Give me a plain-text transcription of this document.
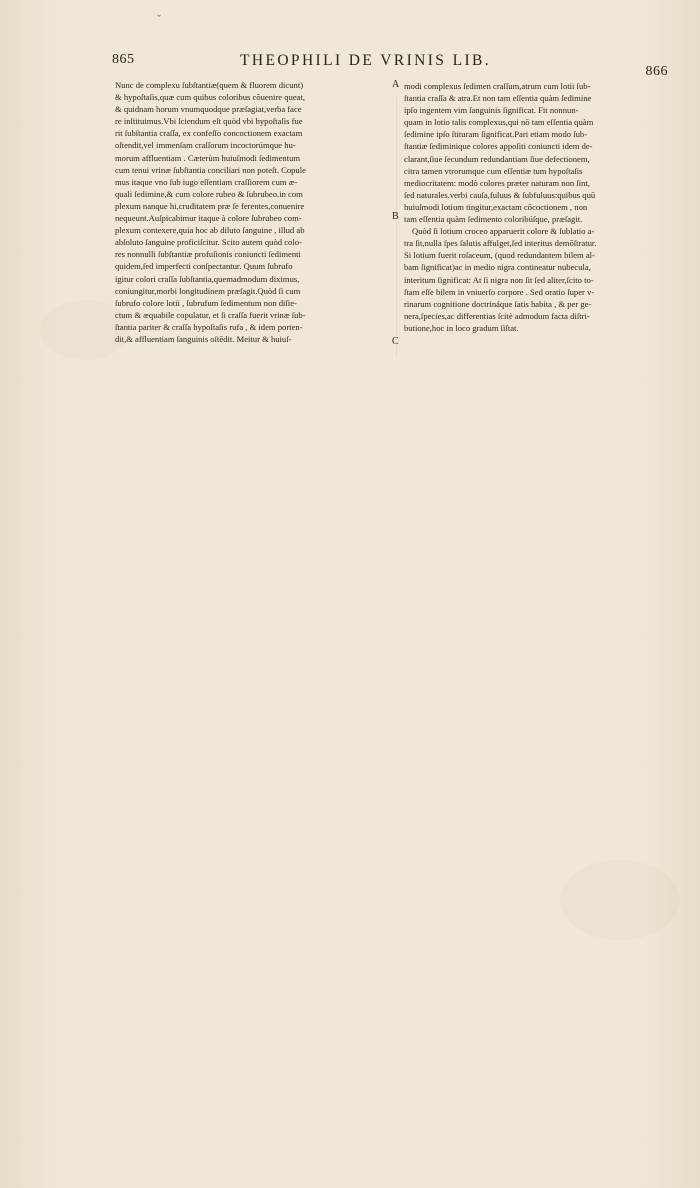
ˇ
865	THEOPHILI DE VRINIS LIB.
866
Nunc de complexu ſubſtantiæ(quem & fluorem dicunt)
& hypoſtaſis,quæ cum quibus coloribus cõuenire queat,
& quidnam horum vnumquodque præſagiat,verba face
re inſtituimus.Vbi ſciendum eſt quòd vbi hypoſtaſis fue
rit ſubſtantia craſſa, ex confeſſo concoctionem exactam
oſtendit,vel immenſam craſſorum incoctorúmque hu-
morum affluentiam . Cæterùm huiuſmodi ſedimentum
cum tenui vrinæ ſubſtantia conciliari non poteſt. Copule
mus itaque vno ſub iugo eſſentiam craſſiorem cum æ-
quali ſedimine,& cum colore rubeo & ſubrubeo.in com
plexum nanque hi,cruditatem præ ſe ferentes,conuenire
nequeunt.Auſpicabimur itaque à colore ſubrubeo com-
plexum contexere,quia hoc ab diluto ſanguine , illud ab
abſoluto ſanguine proficiſcitur. Scito autem quòd colo-
res nonnulli ſubſtantiæ profuſionis coniuncti ſedimenti
quidem,ſed imperfecti conſpectantur. Quum ſubrufo
igitur colori craſſa ſubſtantia,quemadmodum diximus,
coniungitur,morbi longitudinem præſagit.Quòd ſi cum
ſubrufo colore lotii , ſubrufum ſedimentum non diſie-
ctum & æquabile copulatur, et ſi craſſa fuerit vrinæ ſub-
ſtantia pariter & craſſa hypoſtaſis rufa , & idem porten-
dit,& affluentiam ſanguinis oſtēdit. Meitur & huiuſ-
A
B
C
modi complexus ſedimen craſſum,atrum cum lotii ſub-
ſtantia craſſa & atra.Et non tam eſſentia quàm ſedimine
ipſo ingentem vim ſanguinis ſignificat. Fit nonnun-
quam in lotio talis complexus,qui nō tam eſſentia quàm
ſedimine ipſo ſtituram ſignificat.Pari etiam modo ſub-
ſtantiæ ſediminique colores appoſiti coniuncti idem de-
clarant,ſiue ſecundum redundantiam ſiue defectionem,
citra tamen vtrorumque cum eſſentiæ tum hypoſtaſis
mediocritatem: modò colores præter naturam non ſint,
ſed naturales.verbi cauſa,fuluus & ſubfuluus:quibus quū
huiuſmodi lotium tingitur,exactam cōcoctionem , non
tam eſſentia quàm ſedimento coloribúſque, præſagit.
Quòd ſi lotium croceo apparuerit colore & ſublatio a-
tra ſit,nulla ſpes ſalutis affulget,ſed interitus demōſtratur.
Si lotium fuerit roſaceum, (quod redundantem bilem al-
bam ſignificat)ac in medio nigra contineatur nubecula,
interitum ſignificat: At ſi nigra non ſit ſed aliter,ſcito to-
ſtam eſſe bilem in vniuerſo corpore . Sed oratio ſuper v-
rinarum cognitione doctrináque ſatis habita , & per ge-
nera,ſpecies,ac differentias ſcitè admodum facta diſtri-
butione,hoc in loco gradum ſiſtat.
